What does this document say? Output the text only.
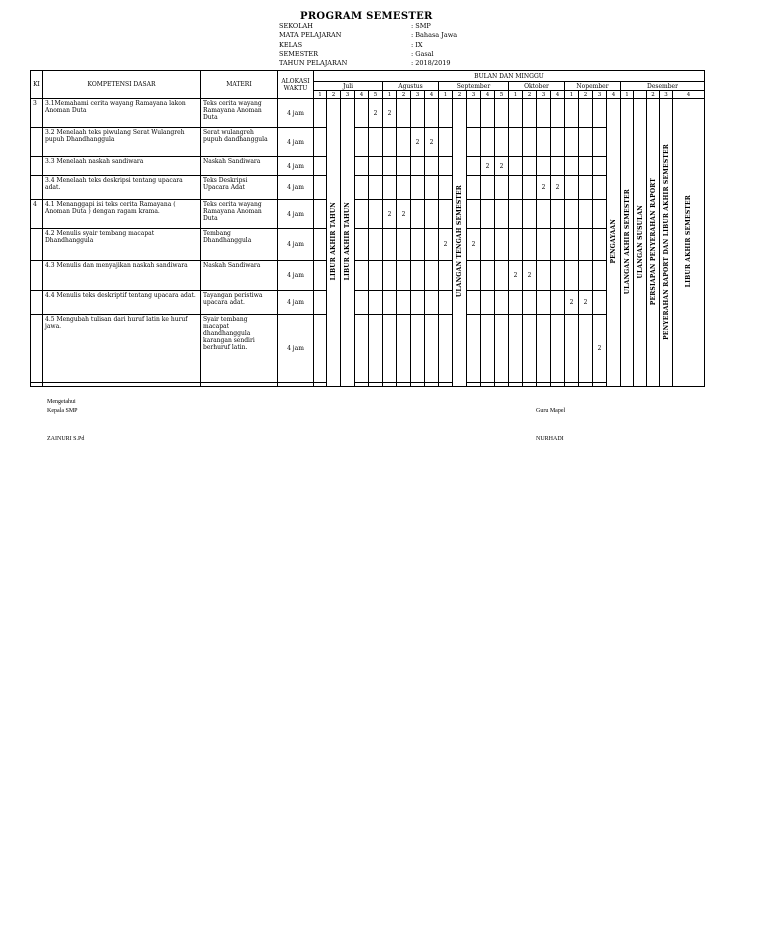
PROGRAM SEMESTER
SEKOLAH	: SMP
MATA PELAJARAN	: Bahasa Jawa
KELAS	: IX
SEMESTER	: Gasal
TAHUN PELAJARAN	: 2018/2019
KI	KOMPETENSI DASAR	MATERI	ALOKASI WAKTU	BULAN DAN MINGGU																										
				Juli					Agustus				September					Oktober				Nopember				Desember				
				1	2	3	4	5	1	2	3	4	1	2	3	4	5	1	2	3	4	1	2	3	4	1		2	3	4
3	3.1Memahami cerita wayang Ramayana lakon Anoman Duta	Teks cerita wayang Ramayana Anoman Duta	4 jam		LIBUR AKHIR TAHUN	LIBUR AKHIR TAHUN		2	2					ULANGAN TENGAH SEMESTER											PENGAYAAN	ULANGAN AKHIR SEMESTER	ULANGAN SUSULAN	PERSIAPAN PENYERAHAN RAPORT	PENYERAHAN RAPORT DAN LIBUR AKHIR SEMESTER	LIBUR AKHIR SEMESTER
	3.2 Menelaah teks piwulang Serat Wulangreh pupuh Dhandhanggula	Serat wulangreh pupuh dandhanggula	4 jam								2	2																		
	3.3 Menelaah naskah sandiwara	Naskah Sandiwara	4 jam													2	2													
	3.4 Menelaah teks deskripsi tentang upacara adat.	Teks Deskripsi Upacara Adat	4 jam																	2	2									
4	4.1 Menanggapi isi teks cerita Ramayana ( Anoman Duta ) dengan ragam krama.	Teks cerita wayang Ramayana Anoman Duta	4 jam						2	2																				
	4.2 Menulis syair tembang macapat Dhandhanggula	Tembang Dhandhanggula	4 jam										2		2															
	4.3 Menulis dan menyajikan naskah sandiwara	Naskah Sandiwara	4 jam															2	2											
	4.4 Menulis teks deskriptif tentang upacara adat.	Tayangan peristiwa upacara adat.	4 jam																			2	2							
	4.5 Mengubah tulisan dari huruf latin ke huruf jawa.	Syair tembang macapat dhandhanggula karangan sendiri berhuruf latin.	4 jam																					2						

Mengetahui
Kepala SMP
ZAINURI S.Pd
Guru Mapel
NURHADI
